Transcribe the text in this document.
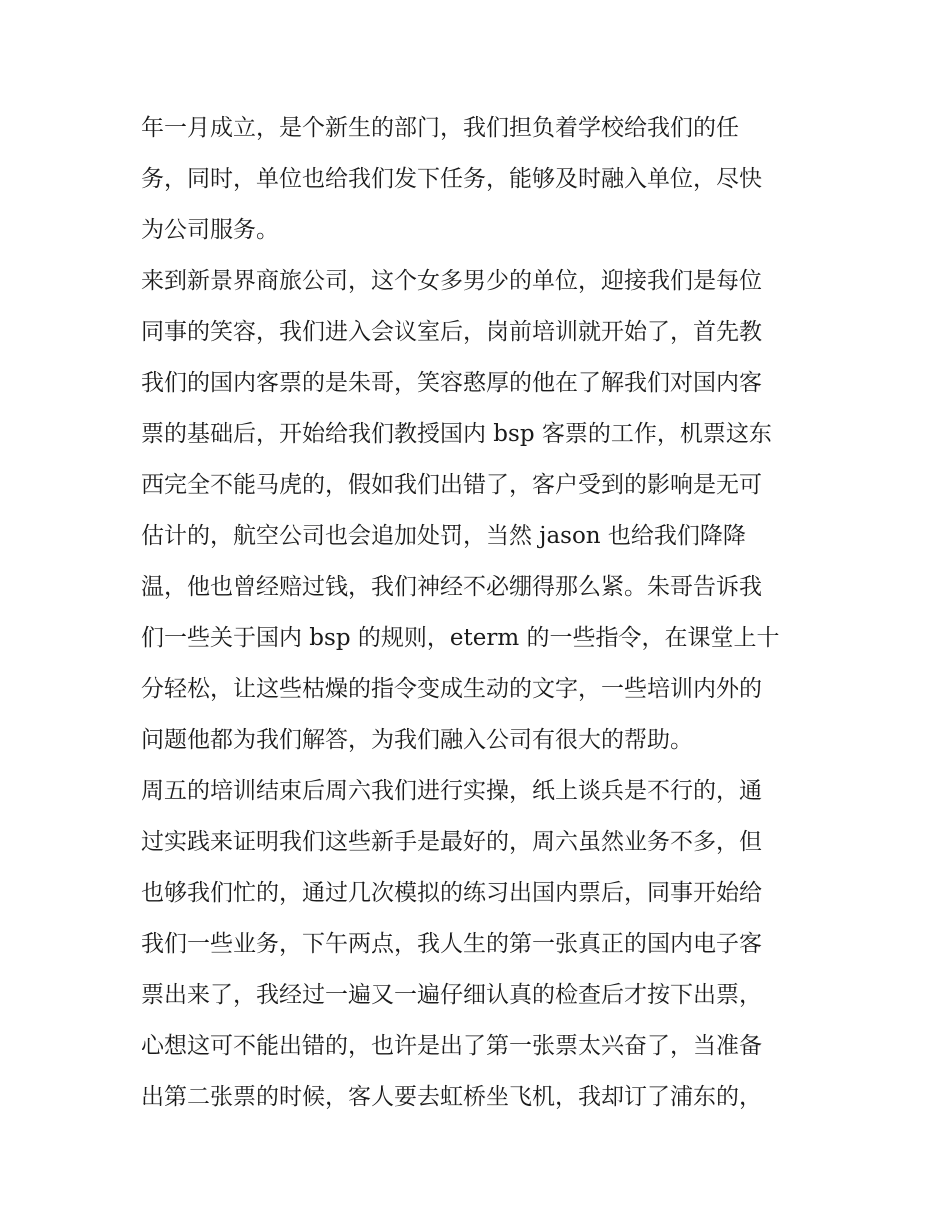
年一月成立，是个新生的部门，我们担负着学校给我们的任
务，同时，单位也给我们发下任务，能够及时融入单位，尽快
为公司服务。
来到新景界商旅公司，这个女多男少的单位，迎接我们是每位
同事的笑容，我们进入会议室后，岗前培训就开始了，首先教
我们的国内客票的是朱哥，笑容憨厚的他在了解我们对国内客
票的基础后，开始给我们教授国内 bsp 客票的工作，机票这东
西完全不能马虎的，假如我们出错了，客户受到的影响是无可
估计的，航空公司也会追加处罚，当然 jason 也给我们降降
温，他也曾经赔过钱，我们神经不必绷得那么紧。朱哥告诉我
们一些关于国内 bsp 的规则，eterm 的一些指令，在课堂上十
分轻松，让这些枯燥的指令变成生动的文字，一些培训内外的
问题他都为我们解答，为我们融入公司有很大的帮助。
周五的培训结束后周六我们进行实操，纸上谈兵是不行的，通
过实践来证明我们这些新手是最好的，周六虽然业务不多，但
也够我们忙的，通过几次模拟的练习出国内票后，同事开始给
我们一些业务，下午两点，我人生的第一张真正的国内电子客
票出来了，我经过一遍又一遍仔细认真的检查后才按下出票，
心想这可不能出错的，也许是出了第一张票太兴奋了，当准备
出第二张票的时候，客人要去虹桥坐飞机，我却订了浦东的，
